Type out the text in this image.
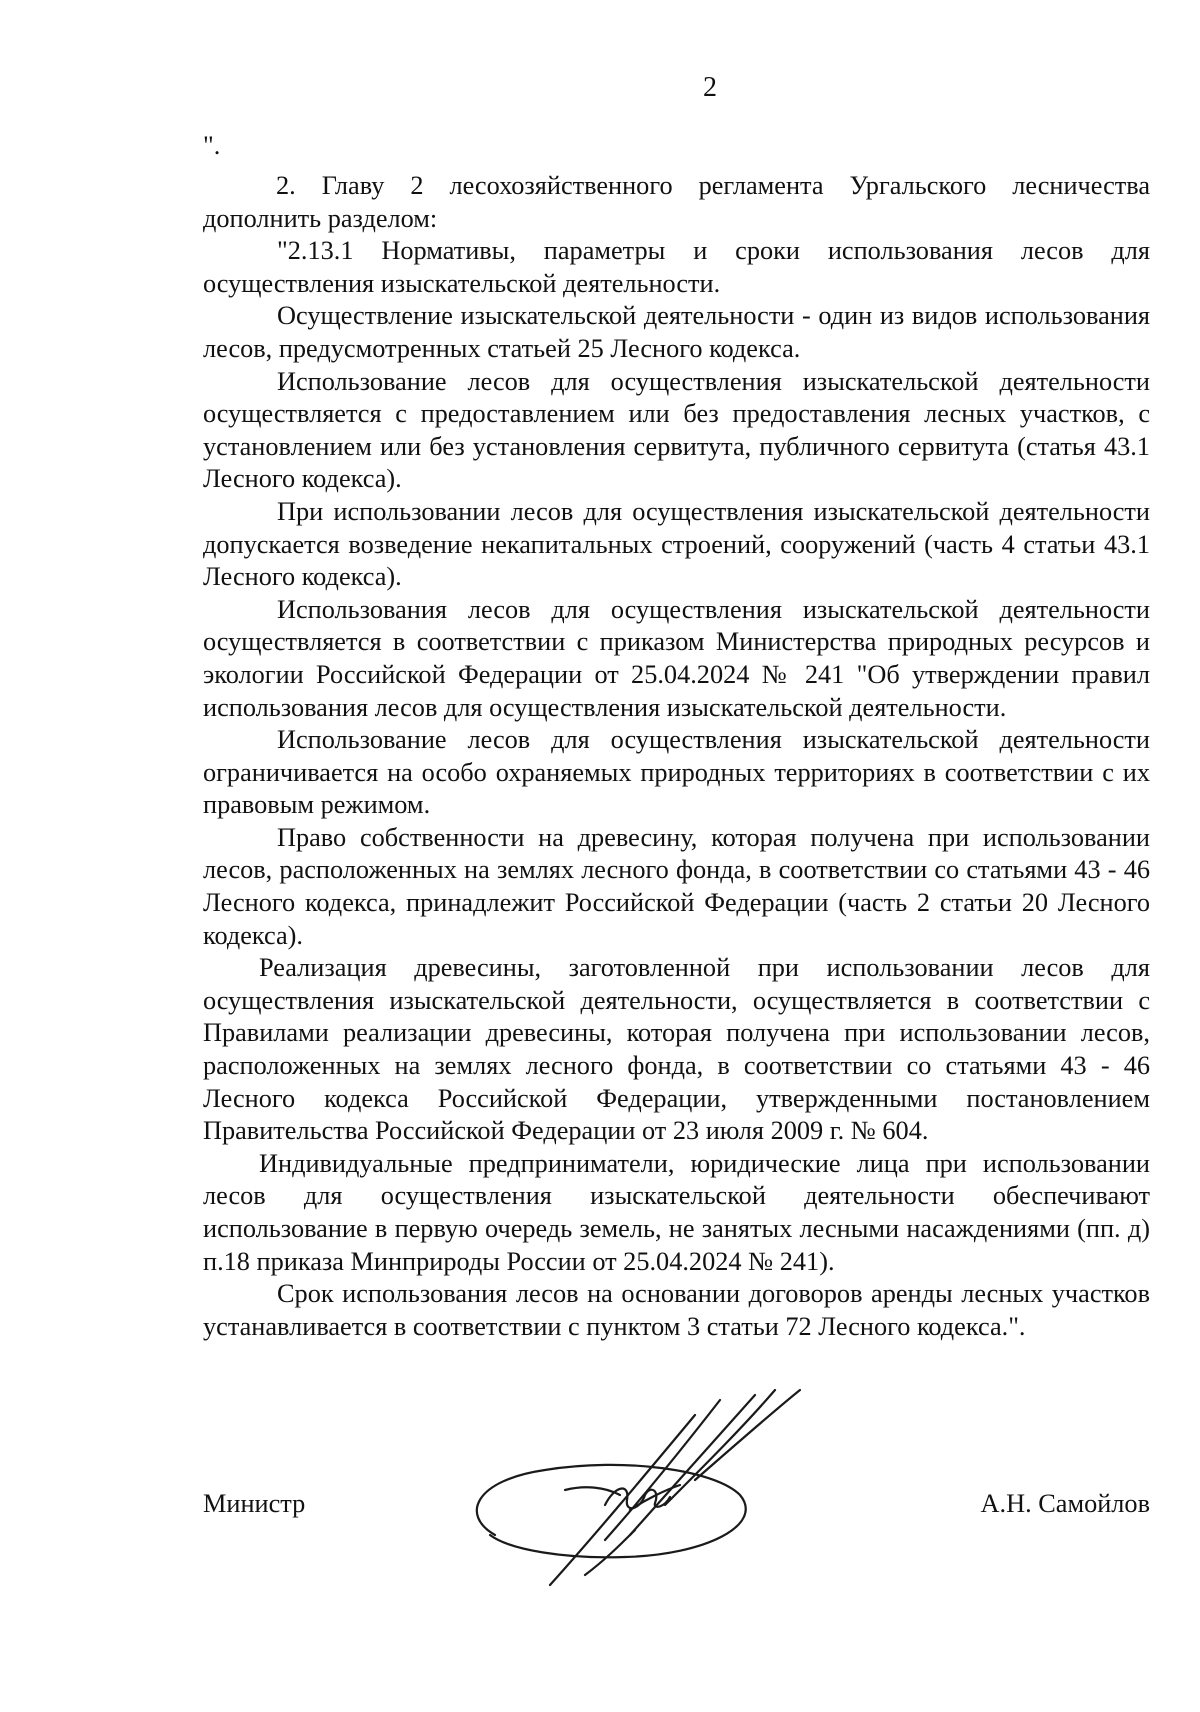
2

".

2. Главу 2 лесохозяйственного регламента Ургальского лесничества дополнить разделом:

"2.13.1 Нормативы, параметры и сроки использования лесов для осуществления изыскательской деятельности.

Осуществление изыскательской деятельности - один из видов использования лесов, предусмотренных статьей 25 Лесного кодекса.

Использование лесов для осуществления изыскательской деятельности осуществляется с предоставлением или без предоставления лесных участков, с установлением или без установления сервитута, публичного сервитута (статья 43.1 Лесного кодекса).

При использовании лесов для осуществления изыскательской деятельности допускается возведение некапитальных строений, сооружений (часть 4 статьи 43.1 Лесного кодекса).

Использования лесов для осуществления изыскательской деятельности осуществляется в соответствии с приказом Министерства природных ресурсов и экологии Российской Федерации от 25.04.2024 № 241 "Об утверждении правил использования лесов для осуществления изыскательской деятельности.

Использование лесов для осуществления изыскательской деятельности ограничивается на особо охраняемых природных территориях в соответствии с их правовым режимом.

Право собственности на древесину, которая получена при использовании лесов, расположенных на землях лесного фонда, в соответствии со статьями 43 - 46 Лесного кодекса, принадлежит Российской Федерации (часть 2 статьи 20 Лесного кодекса).

Реализация древесины, заготовленной при использовании лесов для осуществления изыскательской деятельности, осуществляется в соответствии с Правилами реализации древесины, которая получена при использовании лесов, расположенных на землях лесного фонда, в соответствии со статьями 43 - 46 Лесного кодекса Российской Федерации, утвержденными постановлением Правительства Российской Федерации от 23 июля 2009 г. № 604.

Индивидуальные предприниматели, юридические лица при использовании лесов для осуществления изыскательской деятельности обеспечивают использование в первую очередь земель, не занятых лесными насаждениями (пп. д) п.18 приказа Минприроды России от 25.04.2024 № 241).

Срок использования лесов на основании договоров аренды лесных участков устанавливается в соответствии с пунктом 3 статьи 72 Лесного кодекса.".

Министр	А.Н. Самойлов
